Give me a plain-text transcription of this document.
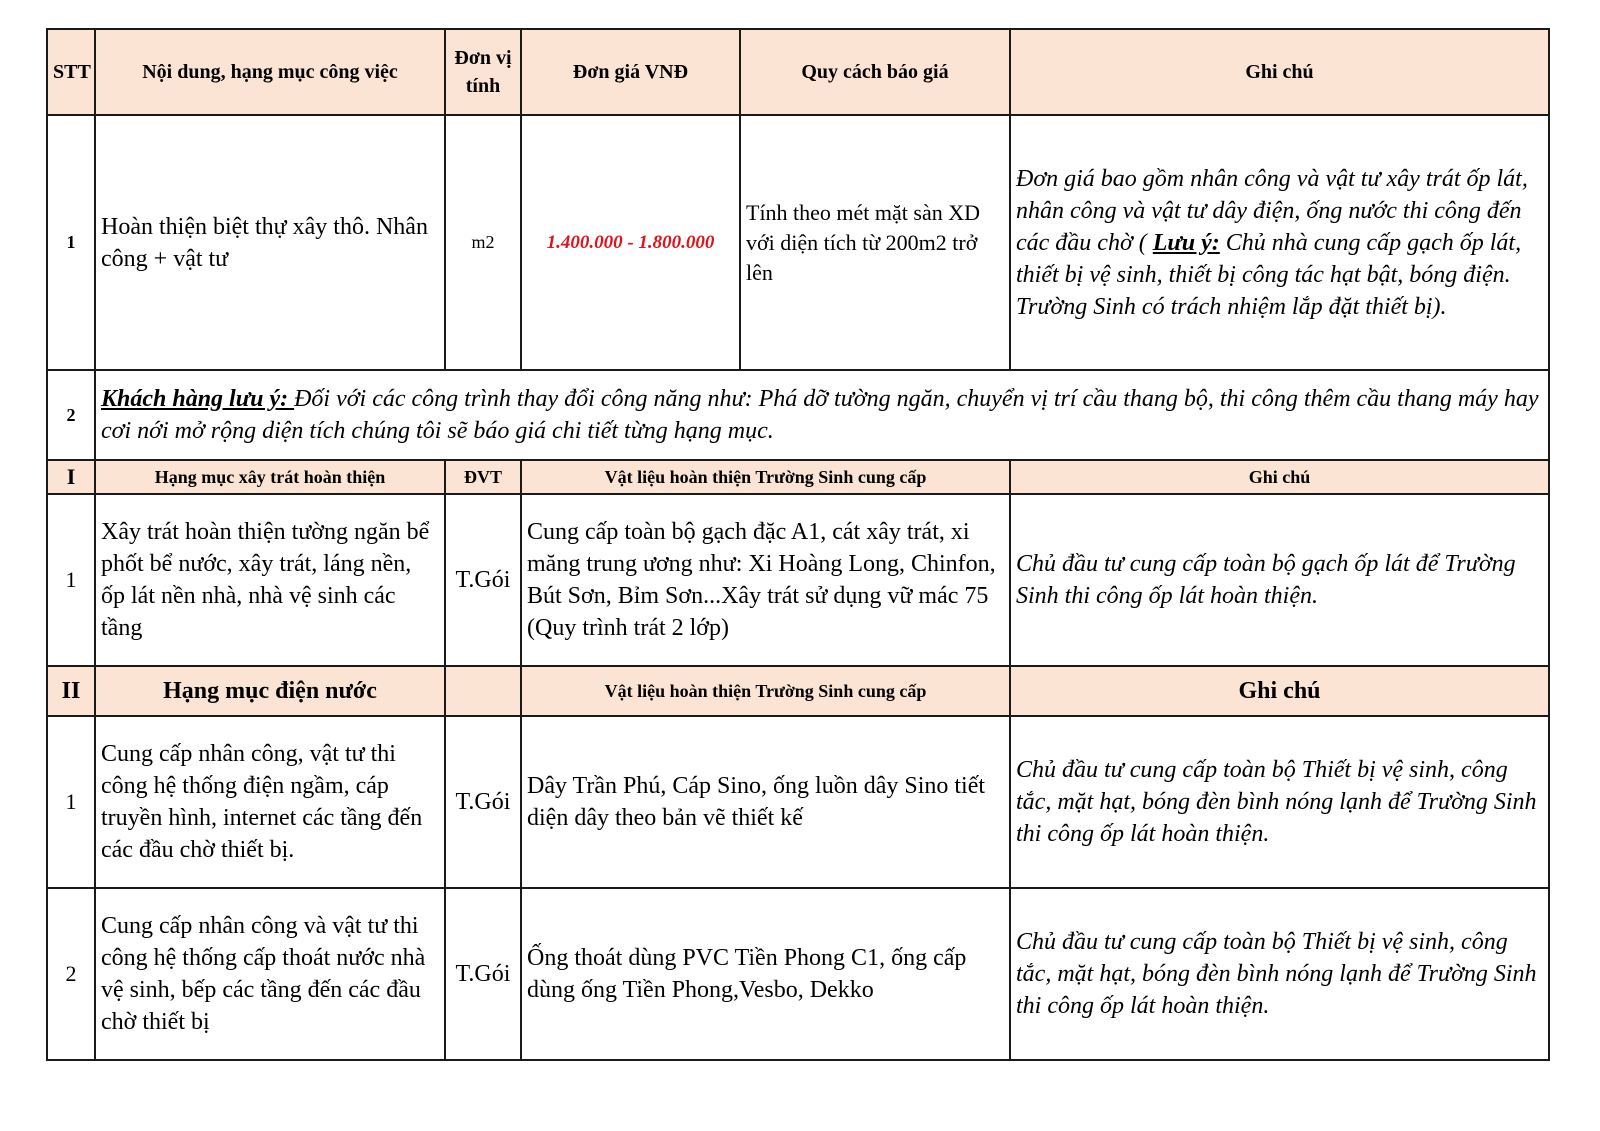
STT	Nội dung, hạng mục công việc	Đơn vị tính	Đơn giá VNĐ	Quy cách báo giá	Ghi chú
1	Hoàn thiện biệt thự xây thô. Nhân công + vật tư	m2	1.400.000 - 1.800.000	Tính theo mét mặt sàn XD với diện tích từ 200m2 trở lên	Đơn giá bao gồm nhân công và vật tư xây trát ốp lát, nhân công và vật tư dây điện, ống nước thi công đến các đầu chờ ( Lưu ý: Chủ nhà cung cấp gạch ốp lát, thiết bị vệ sinh, thiết bị công tác hạt bật, bóng điện. Trường Sinh có trách nhiệm lắp đặt thiết bị).
2	Khách hàng lưu ý: Đối với các công trình thay đổi công năng như: Phá dỡ tường ngăn, chuyển vị trí cầu thang bộ, thi công thêm cầu thang máy hay cơi nới mở rộng diện tích chúng tôi sẽ báo giá chi tiết từng hạng mục.				
I	Hạng mục xây trát hoàn thiện	ĐVT	Vật liệu hoàn thiện Trường Sinh cung cấp		Ghi chú
1	Xây trát hoàn thiện tường ngăn bể phốt bể nước, xây trát, láng nền, ốp lát nền nhà, nhà vệ sinh các tầng	T.Gói	Cung cấp toàn bộ gạch đặc A1, cát xây trát, xi măng trung ương như: Xi Hoàng Long, Chinfon, Bút Sơn, Bỉm Sơn...Xây trát sử dụng vữ mác 75 (Quy trình trát 2 lớp)		Chủ đầu tư cung cấp toàn bộ gạch ốp lát để Trường Sinh thi công ốp lát hoàn thiện.
II	Hạng mục điện nước		Vật liệu hoàn thiện Trường Sinh cung cấp		Ghi chú
1	Cung cấp nhân công, vật tư thi công hệ thống điện ngầm, cáp truyền hình, internet các tầng đến các đầu chờ thiết bị.	T.Gói	Dây Trần Phú, Cáp Sino, ống luồn dây Sino tiết diện dây theo bản vẽ thiết kế		Chủ đầu tư cung cấp toàn bộ Thiết bị vệ sinh, công tắc, mặt hạt, bóng đèn bình nóng lạnh để Trường Sinh thi công ốp lát hoàn thiện.
2	Cung cấp nhân công và vật tư thi công hệ thống cấp thoát nước nhà vệ sinh, bếp các tầng đến các đầu chờ thiết bị	T.Gói	Ống thoát dùng PVC Tiền Phong C1, ống cấp dùng ống Tiền Phong,Vesbo, Dekko		Chủ đầu tư cung cấp toàn bộ Thiết bị vệ sinh, công tắc, mặt hạt, bóng đèn bình nóng lạnh để Trường Sinh thi công ốp lát hoàn thiện.
